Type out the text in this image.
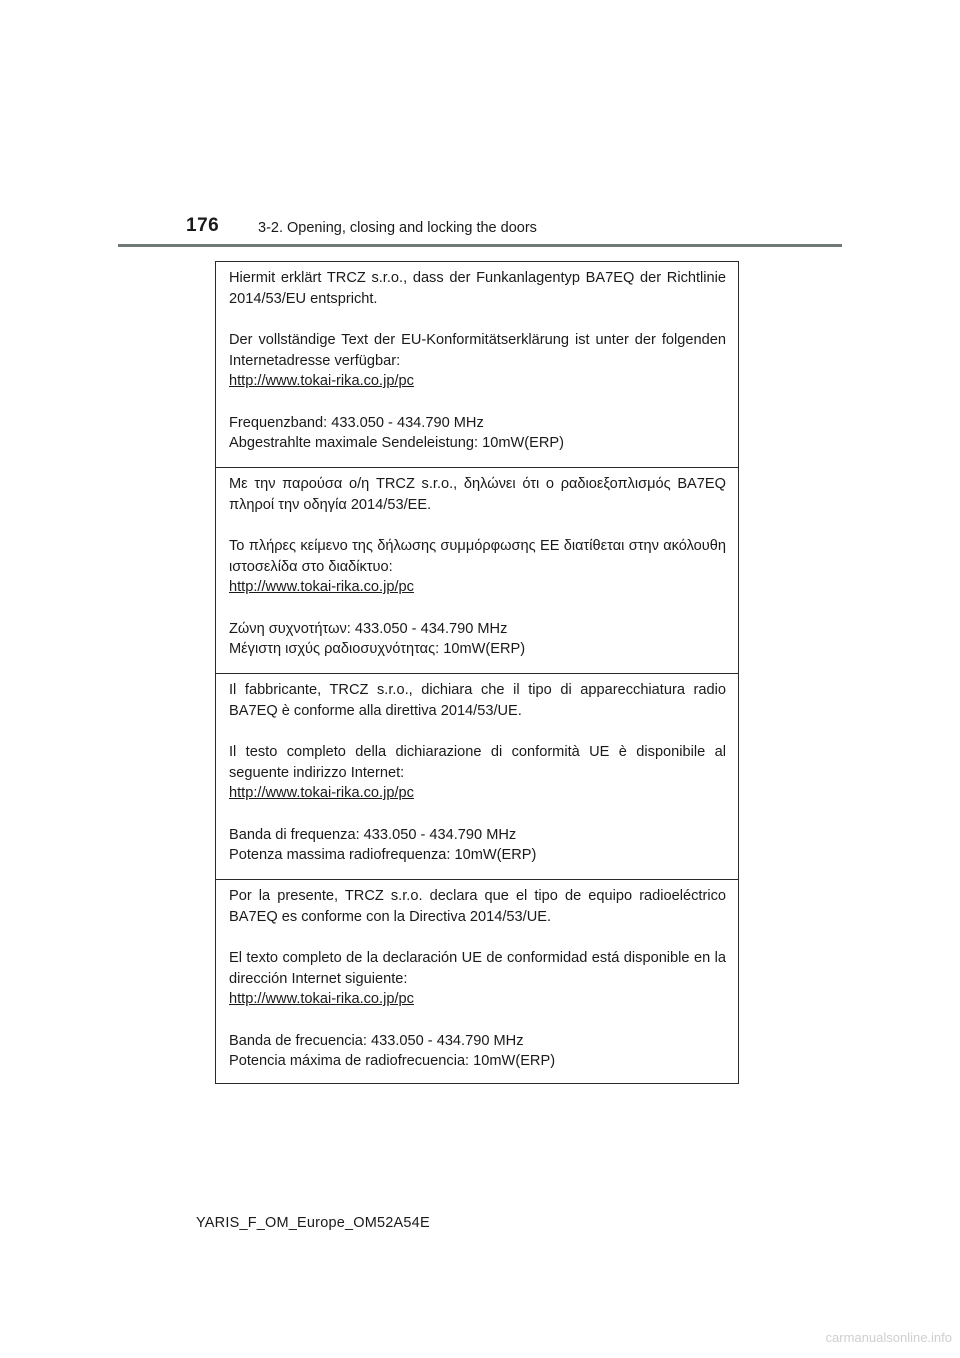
176	3-2. Opening, closing and locking the doors

Hiermit erklärt TRCZ s.r.o., dass der Funkanlagentyp BA7EQ der Richtlinie 2014/53/EU entspricht.

Der vollständige Text der EU-Konformitätserklärung ist unter der folgenden Internetadresse verfügbar:
http://www.tokai-rika.co.jp/pc

Frequenzband: 433.050 - 434.790 MHz
Abgestrahlte maximale Sendeleistung: 10mW(ERP)

Με την παρούσα ο/η TRCZ s.r.o., δηλώνει ότι ο ραδιοεξοπλισμός BA7EQ πληροί την οδηγία 2014/53/ΕΕ.

Το πλήρες κείμενο της δήλωσης συμμόρφωσης ΕΕ διατίθεται στην ακόλουθη ιστοσελίδα στο διαδίκτυο:
http://www.tokai-rika.co.jp/pc

Ζώνη συχνοτήτων: 433.050 - 434.790 MHz
Μέγιστη ισχύς ραδιοσυχνότητας: 10mW(ERP)

Il fabbricante, TRCZ s.r.o., dichiara che il tipo di apparecchiatura radio BA7EQ è conforme alla direttiva 2014/53/UE.

Il testo completo della dichiarazione di conformità UE è disponibile al seguente indirizzo Internet:
http://www.tokai-rika.co.jp/pc

Banda di frequenza: 433.050 - 434.790 MHz
Potenza massima radiofrequenza: 10mW(ERP)

Por la presente, TRCZ s.r.o. declara que el tipo de equipo radioeléctrico BA7EQ es conforme con la Directiva 2014/53/UE.

El texto completo de la declaración UE de conformidad está disponible en la dirección Internet siguiente:
http://www.tokai-rika.co.jp/pc

Banda de frecuencia: 433.050 - 434.790 MHz
Potencia máxima de radiofrecuencia: 10mW(ERP)

YARIS_F_OM_Europe_OM52A54E
carmanualsonline.info
